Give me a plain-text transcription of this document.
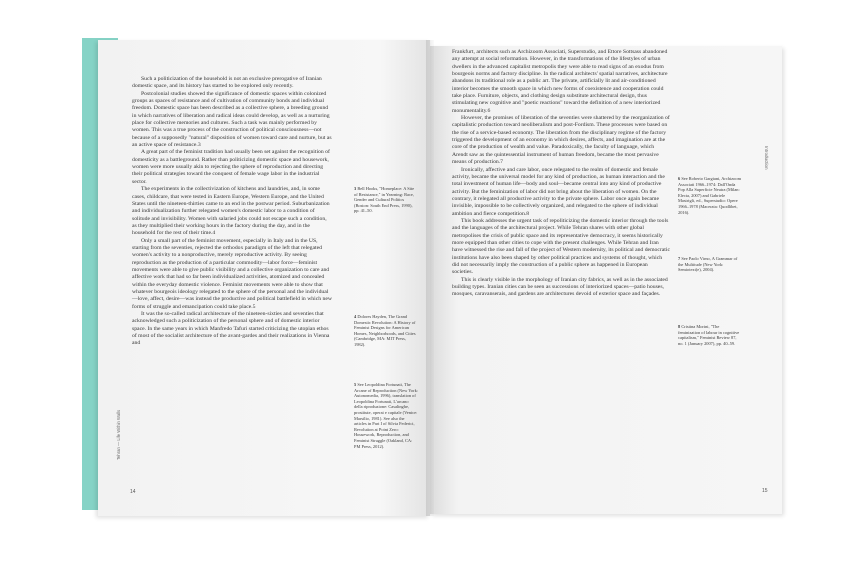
Such a politicization of the household is not an exclusive prerogative of Iranian domestic space, and its history has started to be explored only recently.

Postcolonial studies showed the significance of domestic spaces within colonized groups as spaces of resistance and of cultivation of community bonds and individual freedom. Domestic space has been described as a collective sphere, a breeding ground in which narratives of liberation and radical ideas could develop, as well as a nurturing place for collective memories and cultures. Such a task was mainly performed by women. This was a true process of the construction of political consciousness—not because of a supposedly "natural" disposition of women toward care and nurture, but as an active space of resistance.3

A great part of the feminist tradition had usually been set against the recognition of domesticity as a battleground. Rather than politicizing domestic space and housework, women were more usually akin to rejecting the sphere of reproduction and directing their political strategies toward the conquest of female wage labor in the industrial sector.

The experiments in the collectivization of kitchens and laundries, and, in some cases, childcare, that were tested in Eastern Europe, Western Europe, and the United States until the nineteen-thirties came to an end in the postwar period. Suburbanization and individualization further relegated women's domestic labor to a condition of solitude and invisibility. Women with salaried jobs could not escape such a condition, as they multiplied their working hours in the factory during the day, and in the household for the rest of their time.4

Only a small part of the feminist movement, especially in Italy and in the US, starting from the seventies, rejected the orthodox paradigm of the left that relegated women's activity to a nonproductive, merely reproductive activity. By seeing reproduction as the production of a particular commodity—labor force—feminist movements were able to give public visibility and a collective organization to care and affective work that had so far been individualized activities, atomized and concealed within the everyday domestic violence. Feminist movements were able to show that whatever bourgeois ideology relegated to the sphere of the personal and the individual—love, affect, desire—was instead the productive and political battlefield in which new forms of struggle and emancipation could take place.5

It was the so-called radical architecture of the nineteen-sixties and seventies that acknowledged such a politicization of the personal sphere and of domestic interior space. In the same years in which Manfredo Tafuri started criticizing the utopian ethos of most of the socialist architecture of the avant-gardes and their realizations in Vienna and

3 Bell Hooks, "Homeplace: A Site of Resistance," in Yearning: Race, Gender and Cultural Politics (Boston: South End Press, 1990), pp. 41–50.
4 Dolores Hayden, The Grand Domestic Revolution: A History of Feminist Designs for American Homes, Neighborhoods, and Cities (Cambridge, MA: MIT Press, 1982).
5 See Leopoldina Fortunati, The Arcane of Reproduction (New York: Autonomedia, 1996), translation of Leopoldina Fortunati, L'arcano della riproduzione: Casalinghe, prostitute, operai e capitale (Venice: Marsilio, 1981). See also the articles in Part I of Silvia Federici, Revolution at Point Zero: Housework, Reproduction, and Feminist Struggle (Oakland, CA: PM Press, 2012).
Tehran — Life Within Walls
14

Frankfurt, architects such as Archizoom Associati, Superstudio, and Ettore Sottsass abandoned any attempt at social reformation. However, in the transformations of the lifestyles of urban dwellers in the advanced capitalist metropolis they were able to read signs of an exodus from bourgeois norms and factory discipline. In the radical architects' spatial narratives, architecture abandons its traditional role as a public art. The private, artificially lit and air-conditioned interior becomes the smooth space in which new forms of coexistence and cooperation could take place. Furniture, objects, and clothing design substitute architectural design, thus stimulating new cognitive and "poetic reactions" toward the definition of a new interiorized monumentality.6

However, the promises of liberation of the seventies were shattered by the reorganization of capitalistic production toward neoliberalism and post-Fordism. These processes were based on the rise of a service-based economy. The liberation from the disciplinary regime of the factory triggered the development of an economy in which desires, affects, and imagination are at the core of the production of wealth and value. Paradoxically, the faculty of language, which Arendt saw as the quintessential instrument of human freedom, became the most pervasive means of production.7

Ironically, affective and care labor, once relegated to the realm of domestic and female activity, became the universal model for any kind of production, as human interaction and the total investment of human life—body and soul—became central into any kind of productive activity. But the feminization of labor did not bring about the liberation of women. On the contrary, it relegated all productive activity to the private sphere. Labor once again became invisible, impossible to be collectively organized, and relegated to the sphere of individual ambition and fierce competition.8

This book addresses the urgent task of repoliticizing the domestic interior through the tools and the languages of the architectural project. While Tehran shares with other global metropolises the crisis of public space and its representative democracy, it seems historically more equipped than other cities to cope with the present challenges. While Tehran and Iran have witnessed the rise and fall of the project of Western modernity, its political and democratic institutions have also been shaped by other political practices and systems of thought, which did not necessarily imply the construction of a public sphere as happened in European societies.

This is clearly visible in the morphology of Iranian city fabrics, as well as in the associated building types. Iranian cities can be seen as successions of interiorized spaces—patio houses, mosques, caravanserais, and gardens are architectures devoid of exterior space and façades.

6 See Roberto Gargiani, Archizoom Associati 1966–1974: Dall'Onda Pop Alla Superficie Neutra (Milan: Electa, 2007) and Gabriele Mastrigli, ed., Superstudio: Opere 1966–1978 (Macerata: Quodlibet, 2016).
7 See Paolo Virno, A Grammar of the Multitude (New York: Semiotext(e), 2004).
8 Cristina Morini, "The feminization of labour in cognitive capitalism," Feminist Review 87, no. 1 (January 2007), pp. 40–59.
Introduction
15
